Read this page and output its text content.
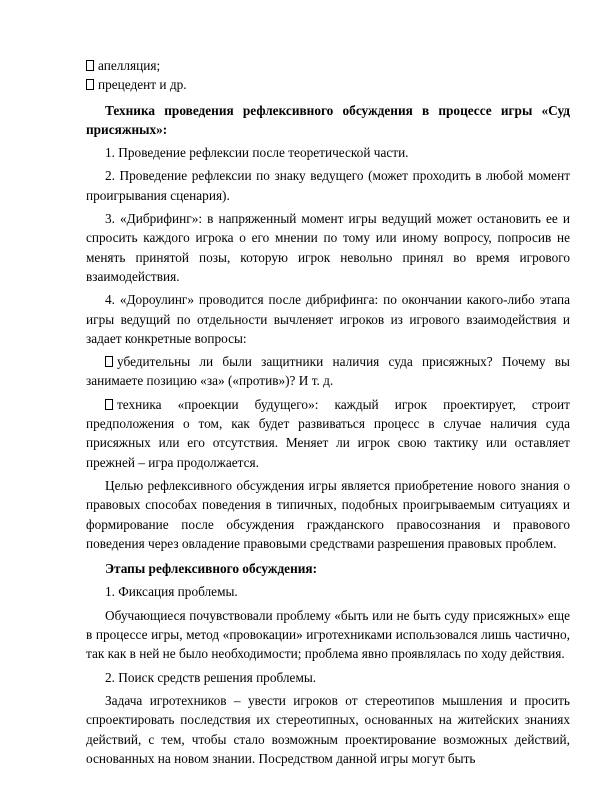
апелляция;

прецедент и др.

Техника проведения рефлексивного обсуждения в процессе игры «Суд присяжных»:

1. Проведение рефлексии после теоретической части.

2. Проведение рефлексии по знаку ведущего (может проходить в любой момент проигрывания сценария).

3. «Дибрифинг»: в напряженный момент игры ведущий может остановить ее и спросить каждого игрока о его мнении по тому или иному вопросу, попросив не менять принятой позы, которую игрок невольно принял во время игрового взаимодействия.

4. «Дороулинг» проводится после дибрифинга: по окончании какого-либо этапа игры ведущий по отдельности вычленяет игроков из игрового взаимодействия и задает конкретные вопросы:

убедительны ли были защитники наличия суда присяжных? Почему вы занимаете позицию «за» («против»)? И т. д.

техника «проекции будущего»: каждый игрок проектирует, строит предположения о том, как будет развиваться процесс в случае наличия суда присяжных или его отсутствия. Меняет ли игрок свою тактику или оставляет прежней – игра продолжается.

Целью рефлексивного обсуждения игры является приобретение нового знания о правовых способах поведения в типичных, подобных проигрываемым ситуациях и формирование после обсуждения гражданского правосознания и правового поведения через овладение правовыми средствами разрешения правовых проблем.

Этапы рефлексивного обсуждения:

1. Фиксация проблемы.

Обучающиеся почувствовали проблему «быть или не быть суду присяжных» еще в процессе игры, метод «провокации» игротехниками использовался лишь частично, так как в ней не было необходимости; проблема явно проявлялась по ходу действия.

2. Поиск средств решения проблемы.

Задача игротехников – увести игроков от стереотипов мышления и просить спроектировать последствия их стереотипных, основанных на житейских знаниях действий, с тем, чтобы стало возможным проектирование возможных действий, основанных на новом знании. Посредством данной игры могут быть
